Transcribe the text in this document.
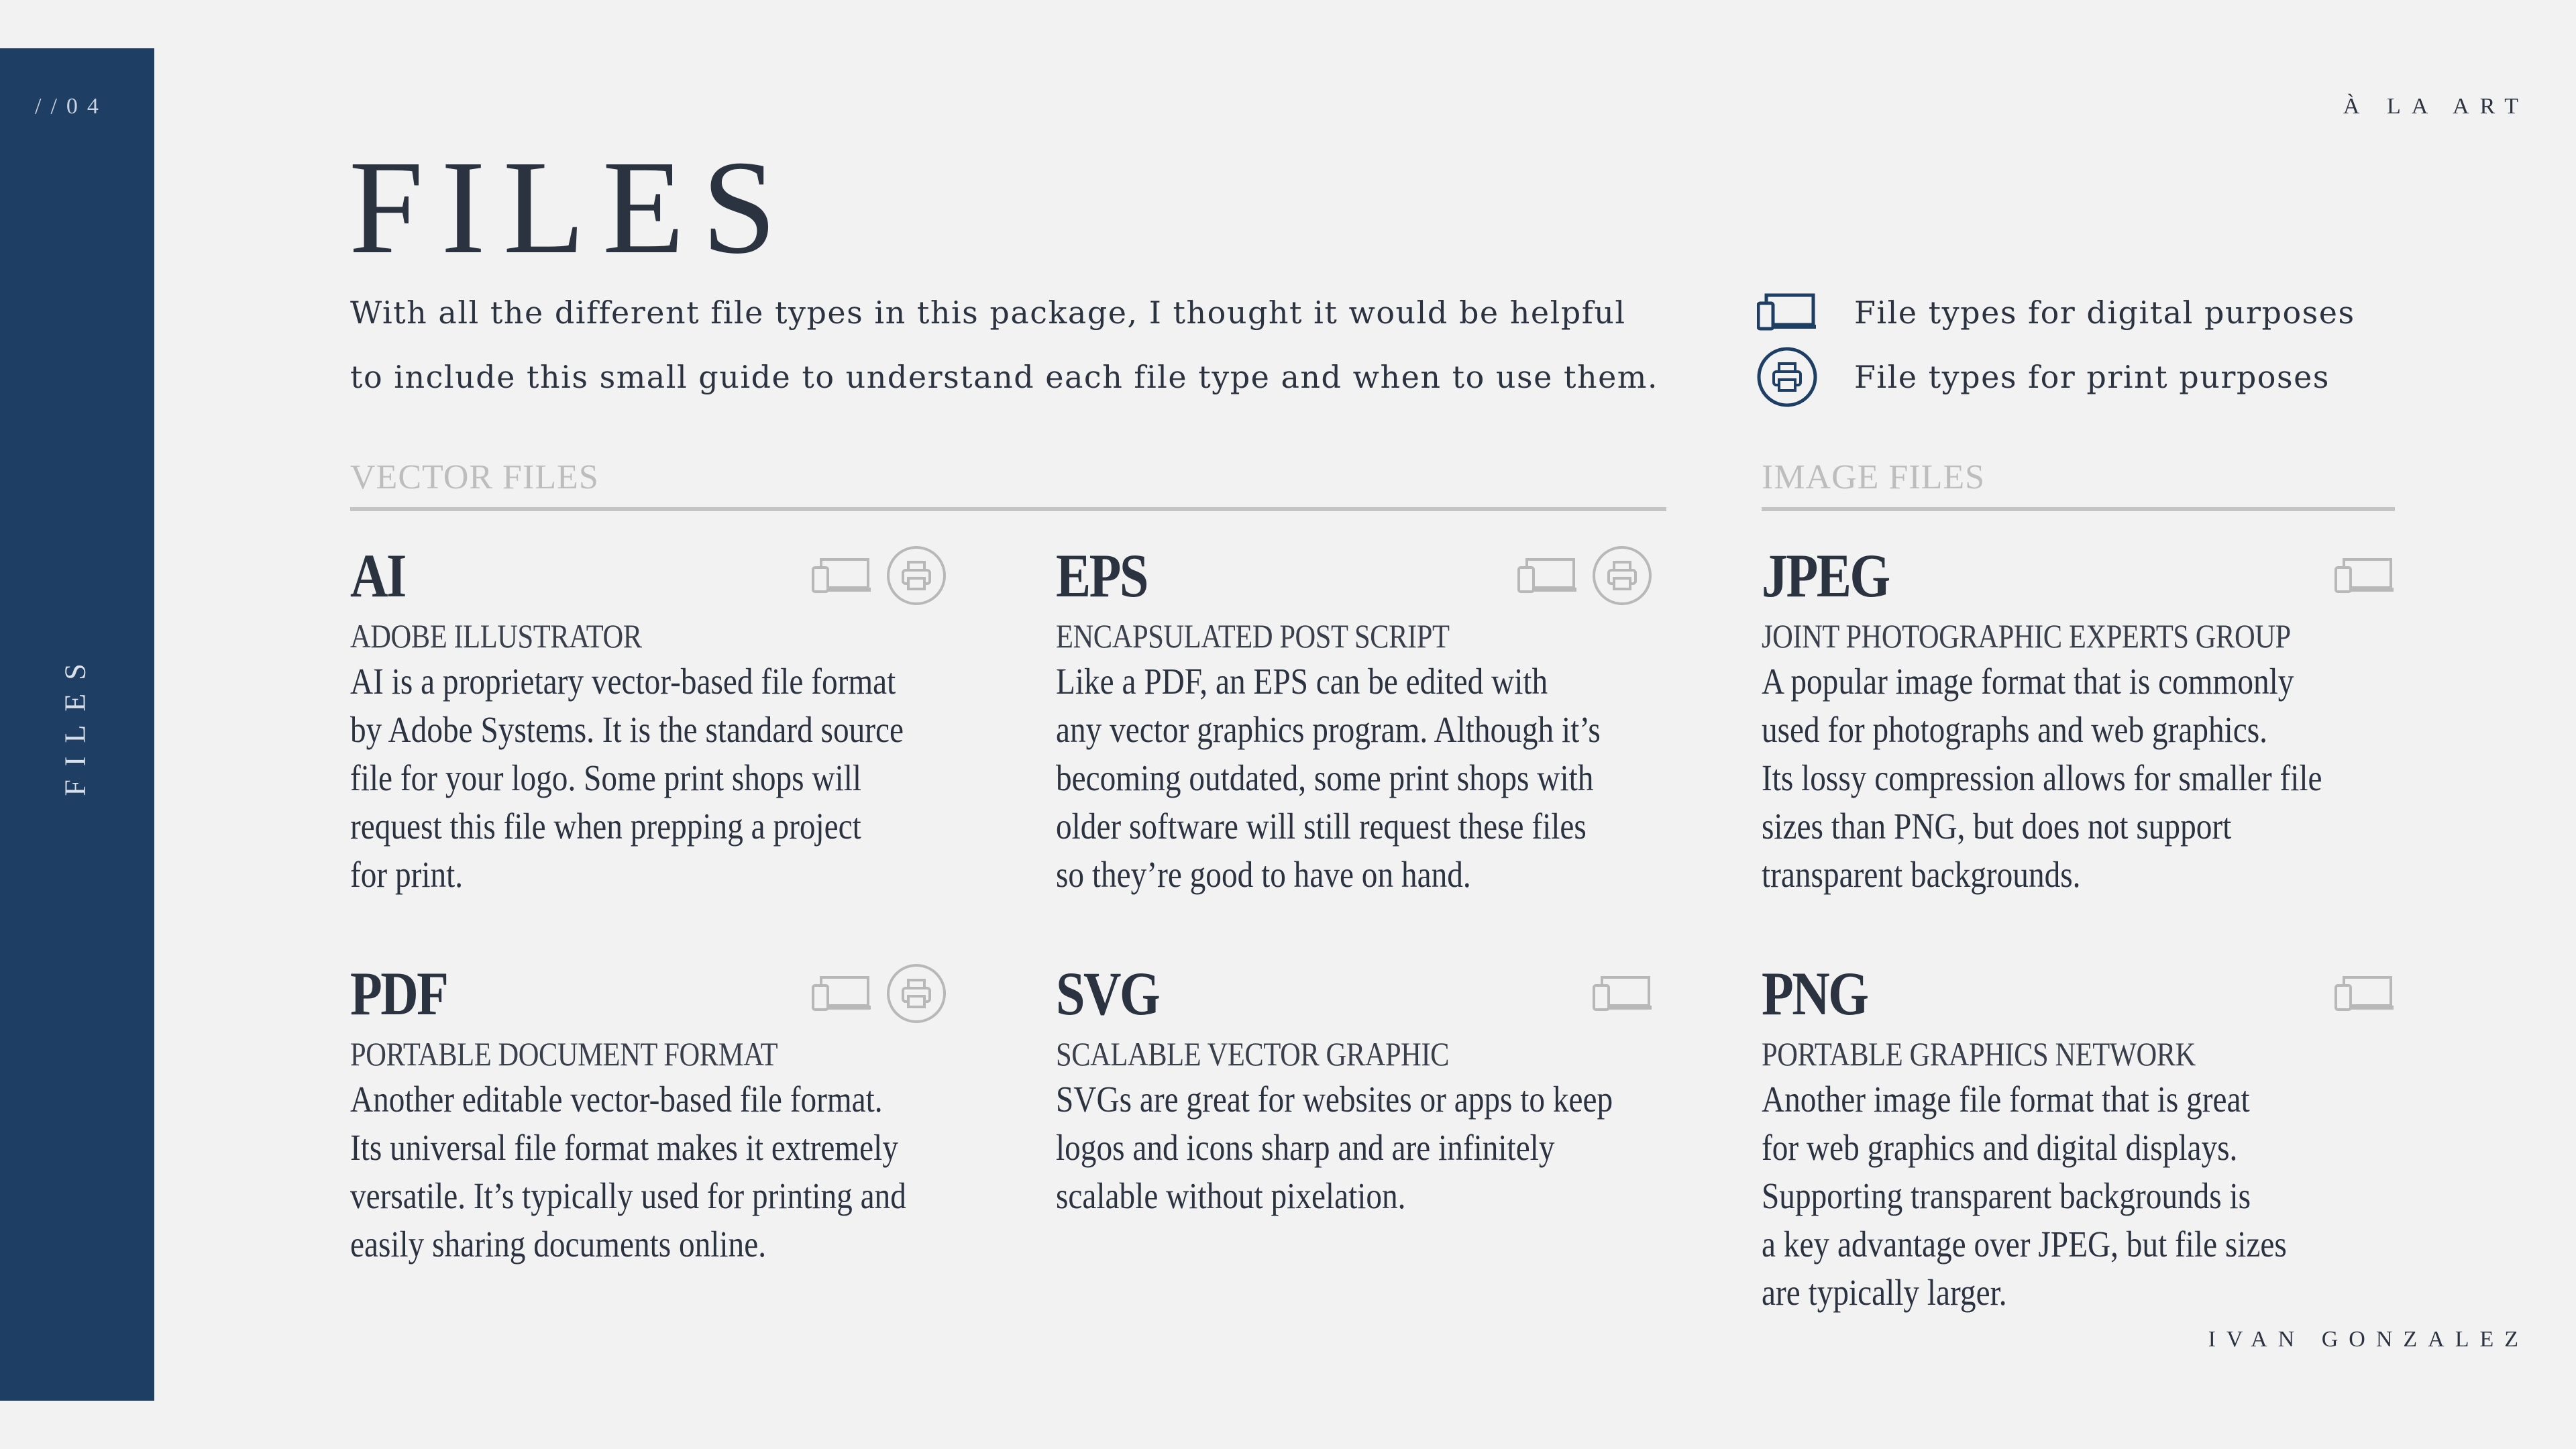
//04
FILES
À LA ART
IVAN GONZALEZ
FILES
With all the different file types in this package, I thought it would be helpful
to include this small guide to understand each file type and when to use them.
File types for digital purposes
File types for print purposes
VECTOR FILES	IMAGE FILES
AI
ADOBE ILLUSTRATOR
AI is a proprietary vector-based file format
by Adobe Systems. It is the standard source
file for your logo. Some print shops will
request this file when prepping a project
for print.
EPS
ENCAPSULATED POST SCRIPT
Like a PDF, an EPS can be edited with
any vector graphics program. Although it’s
becoming outdated, some print shops with
older software will still request these files
so they’re good to have on hand.
JPEG
JOINT PHOTOGRAPHIC EXPERTS GROUP
A popular image format that is commonly
used for photographs and web graphics.
Its lossy compression allows for smaller file
sizes than PNG, but does not support
transparent backgrounds.
PDF
PORTABLE DOCUMENT FORMAT
Another editable vector-based file format.
Its universal file format makes it extremely
versatile. It’s typically used for printing and
easily sharing documents online.
SVG
SCALABLE VECTOR GRAPHIC
SVGs are great for websites or apps to keep
logos and icons sharp and are infinitely
scalable without pixelation.
PNG
PORTABLE GRAPHICS NETWORK
Another image file format that is great
for web graphics and digital displays.
Supporting transparent backgrounds is
a key advantage over JPEG, but file sizes
are typically larger.
